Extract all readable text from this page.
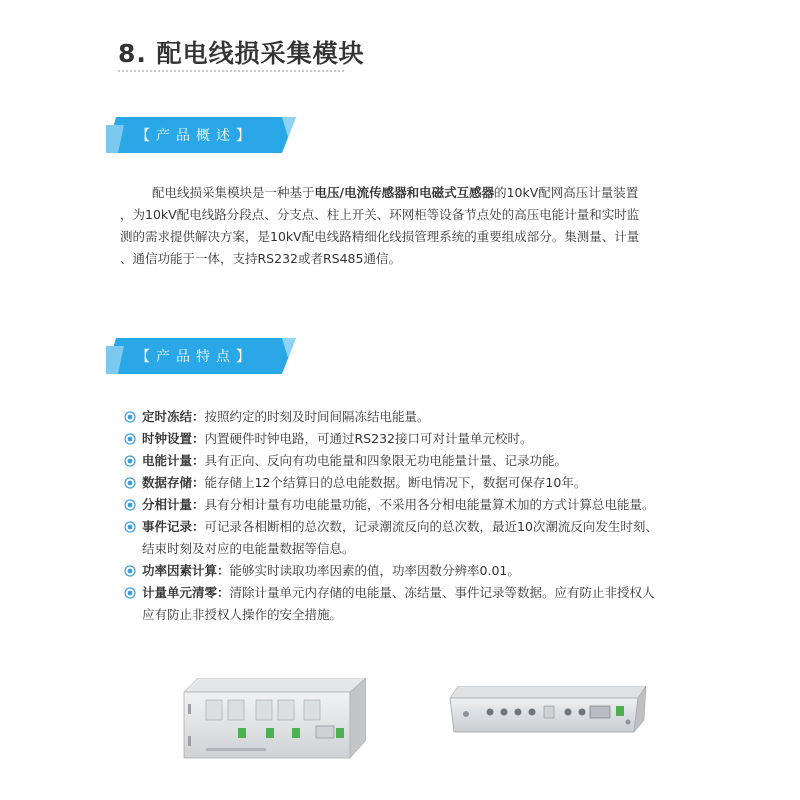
8. 配电线损采集模块
【产品概述】
配电线损采集模块是一种基于电压/电流传感器和电磁式互感器的10kV配网高压计量装置
，为10kV配电线路分段点、分支点、柱上开关、环网柜等设备节点处的高压电能计量和实时监
测的需求提供解决方案，是10kV配电线路精细化线损管理系统的重要组成部分。集测量、计量
、通信功能于一体，支持RS232或者RS485通信。
【产品特点】
定时冻结：按照约定的时刻及时间间隔冻结电能量。
时钟设置：内置硬件时钟电路，可通过RS232接口可对计量单元校时。
电能计量：具有正向、反向有功电能量和四象限无功电能量计量、记录功能。
数据存储：能存储上12个结算日的总电能数据。断电情况下，数据可保存10年。
分相计量：具有分相计量有功电能量功能，不采用各分相电能量算术加的方式计算总电能量。
事件记录：可记录各相断相的总次数，记录潮流反向的总次数，最近10次潮流反向发生时刻、
结束时刻及对应的电能量数据等信息。
功率因素计算：能够实时读取功率因素的值，功率因数分辨率0.01。
计量单元清零：清除计量单元内存储的电能量、冻结量、事件记录等数据。应有防止非授权人
应有防止非授权人操作的安全措施。
